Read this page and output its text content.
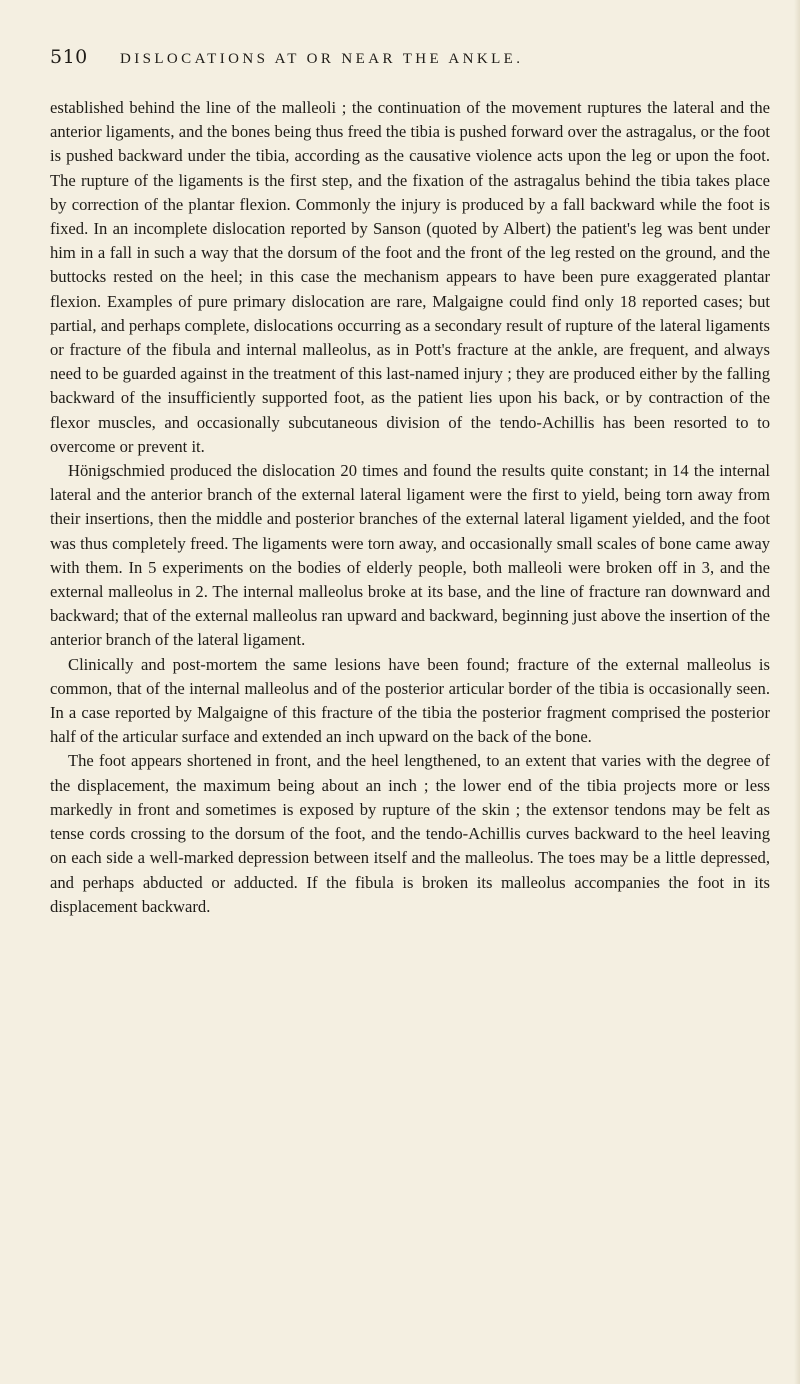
510	DISLOCATIONS AT OR NEAR THE ANKLE.

established behind the line of the malleoli ; the continuation of the movement ruptures the lateral and the anterior ligaments, and the bones being thus freed the tibia is pushed forward over the astragalus, or the foot is pushed backward under the tibia, according as the causative violence acts upon the leg or upon the foot. The rupture of the ligaments is the first step, and the fixation of the astragalus behind the tibia takes place by correction of the plantar flexion. Commonly the injury is produced by a fall backward while the foot is fixed. In an incomplete dislocation reported by Sanson (quoted by Albert) the patient's leg was bent under him in a fall in such a way that the dorsum of the foot and the front of the leg rested on the ground, and the buttocks rested on the heel; in this case the mechanism appears to have been pure exaggerated plantar flexion. Examples of pure primary dislocation are rare, Malgaigne could find only 18 reported cases; but partial, and perhaps complete, dislocations occurring as a secondary result of rupture of the lateral ligaments or fracture of the fibula and internal malleolus, as in Pott's fracture at the ankle, are frequent, and always need to be guarded against in the treatment of this last-named injury ; they are produced either by the falling backward of the insufficiently supported foot, as the patient lies upon his back, or by contraction of the flexor muscles, and occasionally subcutaneous division of the tendo-Achillis has been resorted to to overcome or prevent it.

Hönigschmied produced the dislocation 20 times and found the results quite constant; in 14 the internal lateral and the anterior branch of the external lateral ligament were the first to yield, being torn away from their insertions, then the middle and posterior branches of the external lateral ligament yielded, and the foot was thus completely freed. The ligaments were torn away, and occasionally small scales of bone came away with them. In 5 experiments on the bodies of elderly people, both malleoli were broken off in 3, and the external malleolus in 2. The internal malleolus broke at its base, and the line of fracture ran downward and backward; that of the external malleolus ran upward and backward, beginning just above the insertion of the anterior branch of the lateral ligament.

Clinically and post-mortem the same lesions have been found; fracture of the external malleolus is common, that of the internal malleolus and of the posterior articular border of the tibia is occasionally seen. In a case reported by Malgaigne of this fracture of the tibia the posterior fragment comprised the posterior half of the articular surface and extended an inch upward on the back of the bone.

The foot appears shortened in front, and the heel lengthened, to an extent that varies with the degree of the displacement, the maximum being about an inch ; the lower end of the tibia projects more or less markedly in front and sometimes is exposed by rupture of the skin ; the extensor tendons may be felt as tense cords crossing to the dorsum of the foot, and the tendo-Achillis curves backward to the heel leaving on each side a well-marked depression between itself and the malleolus. The toes may be a little depressed, and perhaps abducted or adducted. If the fibula is broken its malleolus accompanies the foot in its displacement backward.
